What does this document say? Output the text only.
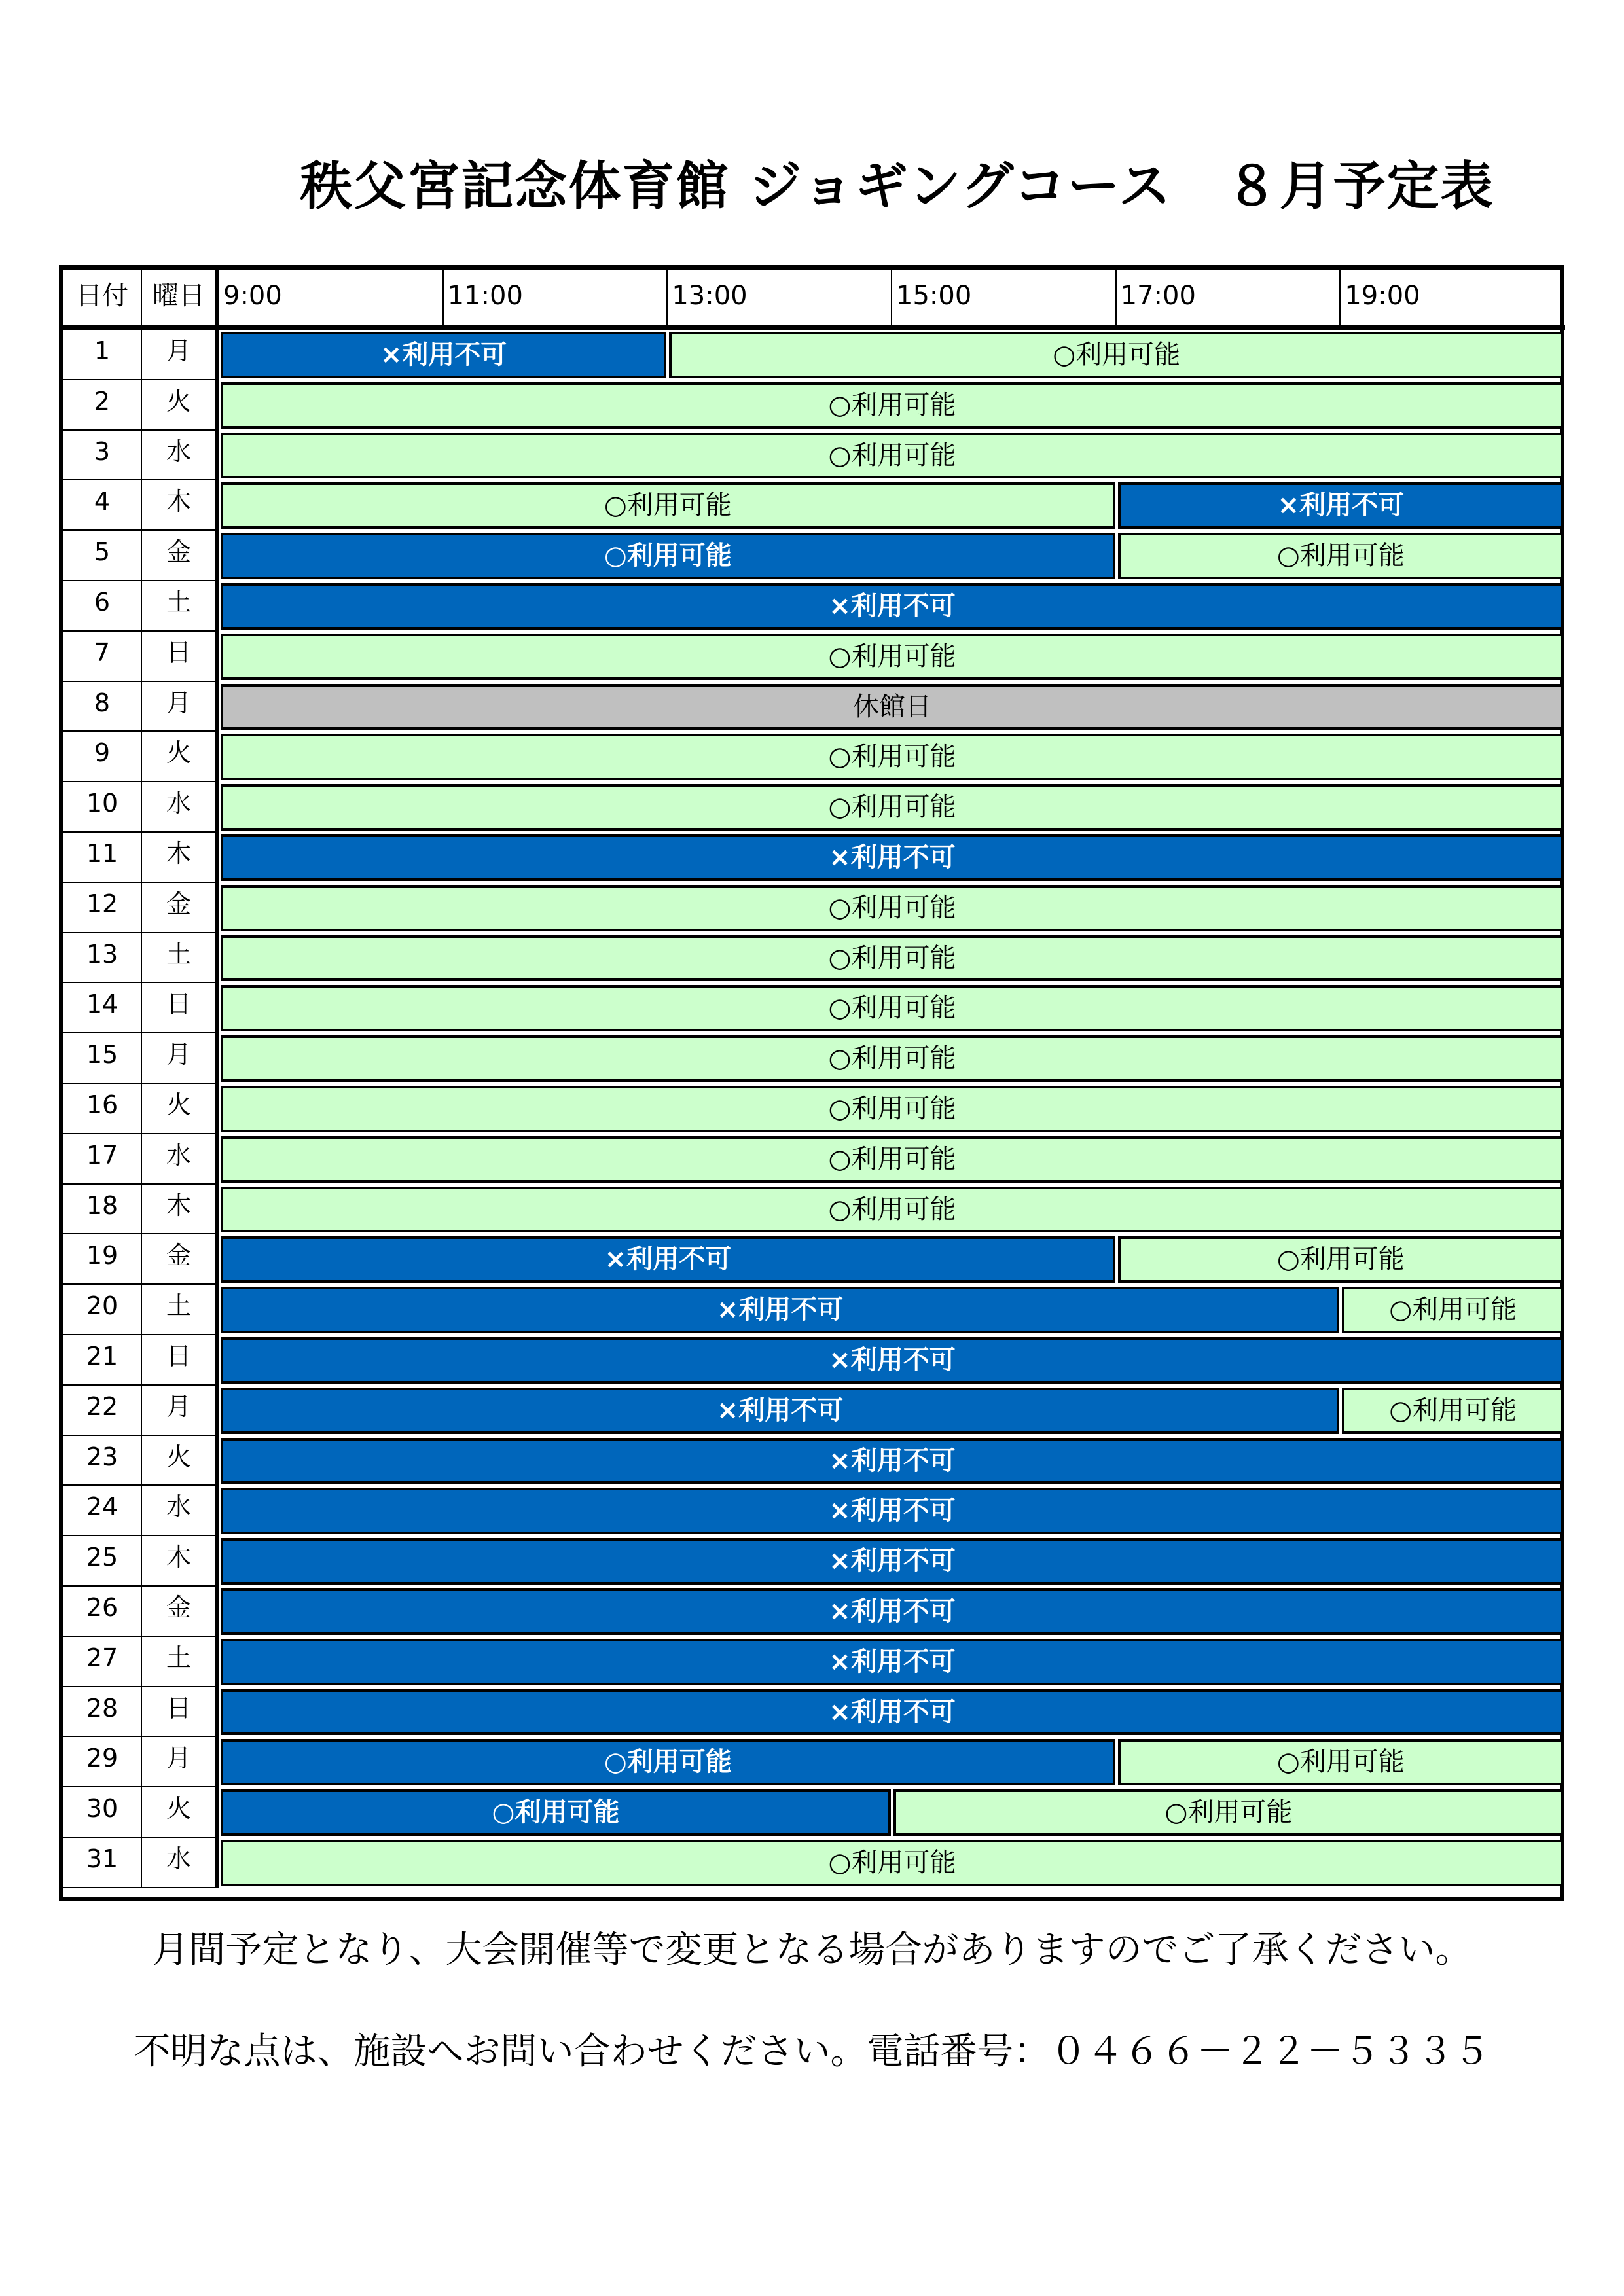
秩父宮記念体育館 ジョギングコース　８月予定表
日付 曜日 9:00	11:00	13:00	15:00	17:00	19:00
1	月	×利用不可	○利用可能
2	火	○利用可能
3	水	○利用可能
4	木	○利用可能	×利用不可
5	金	○利用可能	○利用可能
6	土	×利用不可
7	日	○利用可能
8	月	休館日
9	火	○利用可能
10	水	○利用可能
11	木	×利用不可
12	金	○利用可能
13	土	○利用可能
14	日	○利用可能
15	月	○利用可能
16	火	○利用可能
17	水	○利用可能
18	木	○利用可能
19	金	×利用不可	○利用可能
20	土	×利用不可	○利用可能
21	日	×利用不可
22	月	×利用不可	○利用可能
23	火	×利用不可
24	水	×利用不可
25	木	×利用不可
26	金	×利用不可
27	土	×利用不可
28	日	×利用不可
29	月	○利用可能	○利用可能
30	火	○利用可能	○利用可能
31	水	○利用可能
月間予定となり、大会開催等で変更となる場合がありますのでご了承ください。
不明な点は、施設へお問い合わせください。電話番号：０４６６－２２－５３３５
